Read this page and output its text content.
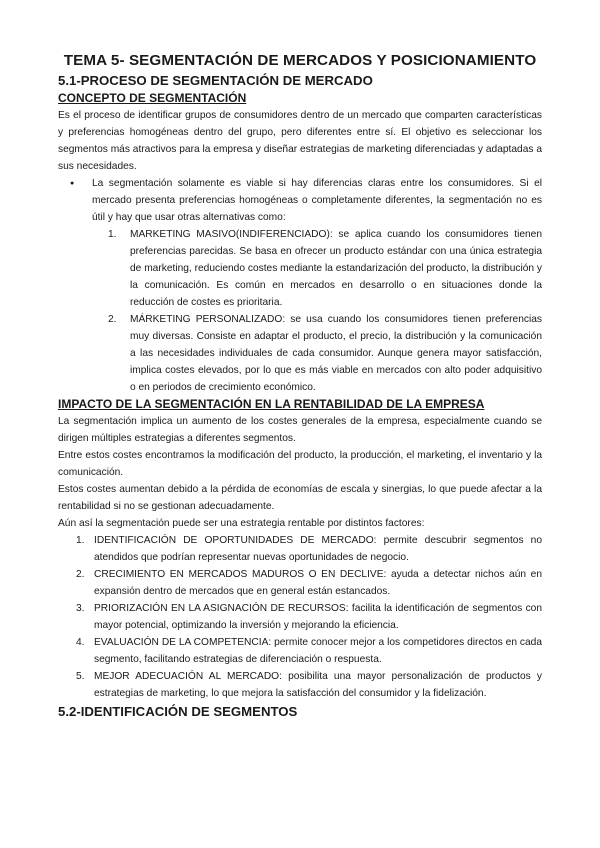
TEMA 5- SEGMENTACIÓN DE MERCADOS Y POSICIONAMIENTO
5.1-PROCESO DE SEGMENTACIÓN DE MERCADO
CONCEPTO DE SEGMENTACIÓN

Es el proceso de identificar grupos de consumidores dentro de un mercado que comparten características y preferencias homogéneas dentro del grupo, pero diferentes entre sí. El objetivo es seleccionar los segmentos más atractivos para la empresa y diseñar estrategias de marketing diferenciadas y adaptadas a sus necesidades.

● La segmentación solamente es viable si hay diferencias claras entre los consumidores. Si el mercado presenta preferencias homogéneas o completamente diferentes, la segmentación no es útil y hay que usar otras alternativas como:
1. MARKETING MASIVO(INDIFERENCIADO): se aplica cuando los consumidores tienen preferencias parecidas. Se basa en ofrecer un producto estándar con una única estrategia de marketing, reduciendo costes mediante la estandarización del producto, la distribución y la comunicación. Es común en mercados en desarrollo o en situaciones donde la reducción de costes es prioritaria.
2. MÁRKETING PERSONALIZADO: se usa cuando los consumidores tienen preferencias muy diversas. Consiste en adaptar el producto, el precio, la distribución y la comunicación a las necesidades individuales de cada consumidor. Aunque genera mayor satisfacción, implica costes elevados, por lo que es más viable en mercados con alto poder adquisitivo o en periodos de crecimiento económico.
IMPACTO DE LA SEGMENTACIÓN EN LA RENTABILIDAD DE LA EMPRESA

La segmentación implica un aumento de los costes generales de la empresa, especialmente cuando se dirigen múltiples estrategias a diferentes segmentos.

Entre estos costes encontramos la modificación del producto, la producción, el marketing, el inventario y la comunicación.

Estos costes aumentan debido a la pérdida de economías de escala y sinergias, lo que puede afectar a la rentabilidad si no se gestionan adecuadamente.

Aún así la segmentación puede ser una estrategia rentable por distintos factores:

1. IDENTIFICACIÓN DE OPORTUNIDADES DE MERCADO: permite descubrir segmentos no atendidos que podrían representar nuevas oportunidades de negocio.
2. CRECIMIENTO EN MERCADOS MADUROS O EN DECLIVE: ayuda a detectar nichos aún en expansión dentro de mercados que en general están estancados.
3. PRIORIZACIÓN EN LA ASIGNACIÓN DE RECURSOS: facilita la identificación de segmentos con mayor potencial, optimizando la inversión y mejorando la eficiencia.
4. EVALUACIÓN DE LA COMPETENCIA: permite conocer mejor a los competidores directos en cada segmento, facilitando estrategias de diferenciación o respuesta.
5. MEJOR ADECUACIÓN AL MERCADO: posibilita una mayor personalización de productos y estrategias de marketing, lo que mejora la satisfacción del consumidor y la fidelización.
5.2-IDENTIFICACIÓN DE SEGMENTOS
